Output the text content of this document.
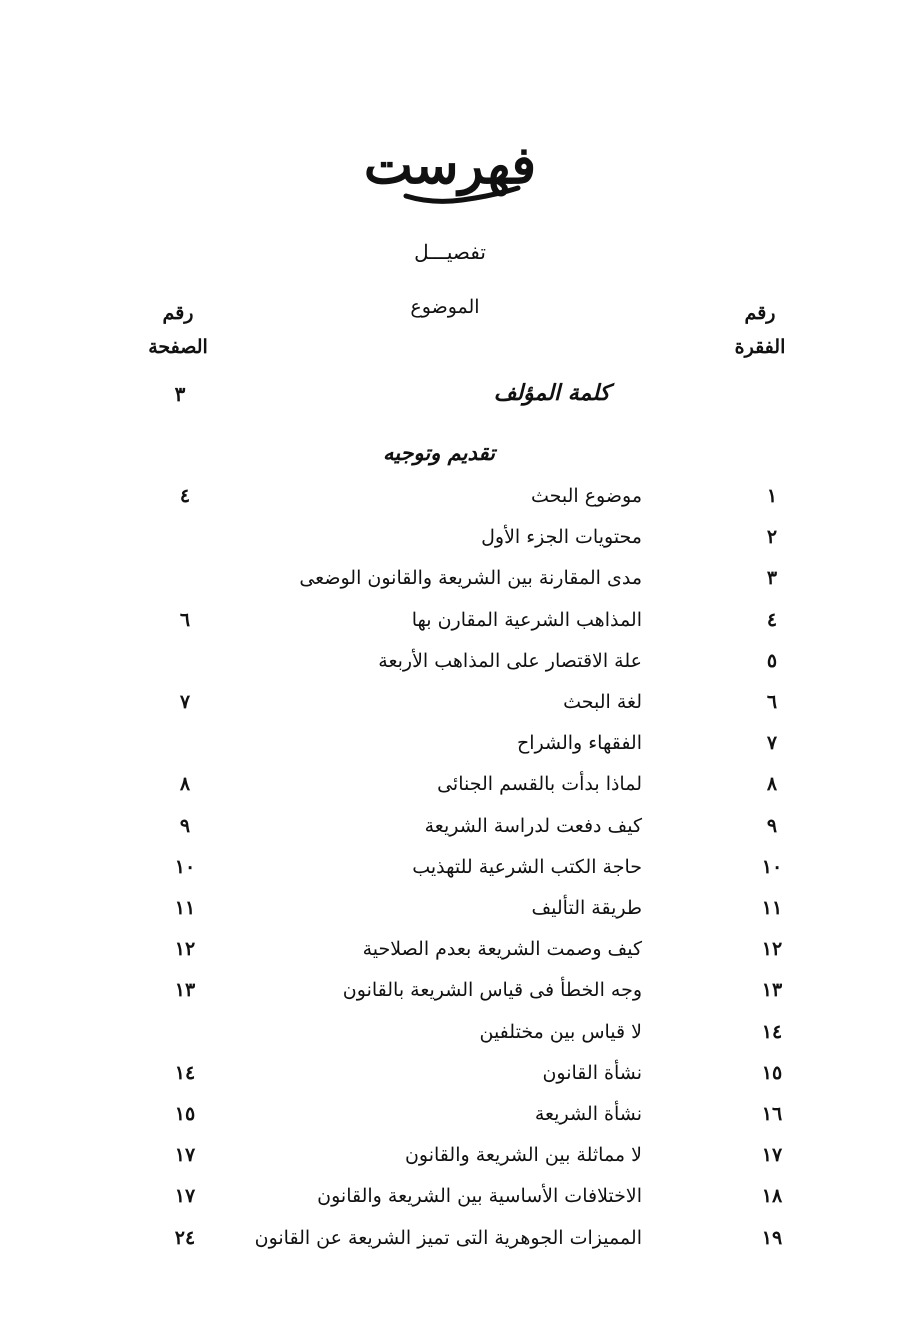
فهرست
تفصيـــل
رقم الفقرة
الموضوع
رقم الصفحة
كلمة المؤلف
٣
تقديم وتوجيه
١
موضوع البحث
٤
٢
محتويات الجزء الأول
٣
مدى المقارنة بين الشريعة والقانون الوضعى
٤
المذاهب الشرعية المقارن بها
٦
٥
علة الاقتصار على المذاهب الأربعة
٦
لغة البحث
٧
٧
الفقهاء والشراح
٨
لماذا بدأت بالقسم الجنائى
٨
٩
كيف دفعت لدراسة الشريعة
٩
١٠
حاجة الكتب الشرعية للتهذيب
١٠
١١
طريقة التأليف
١١
١٢
كيف وصمت الشريعة بعدم الصلاحية
١٢
١٣
وجه الخطأ فى قياس الشريعة بالقانون
١٣
١٤
لا قياس بين مختلفين
١٥
نشأة القانون
١٤
١٦
نشأة الشريعة
١٥
١٧
لا مماثلة بين الشريعة والقانون
١٧
١٨
الاختلافات الأساسية بين الشريعة والقانون
١٧
١٩
المميزات الجوهرية التى تميز الشريعة عن القانون
٢٤
